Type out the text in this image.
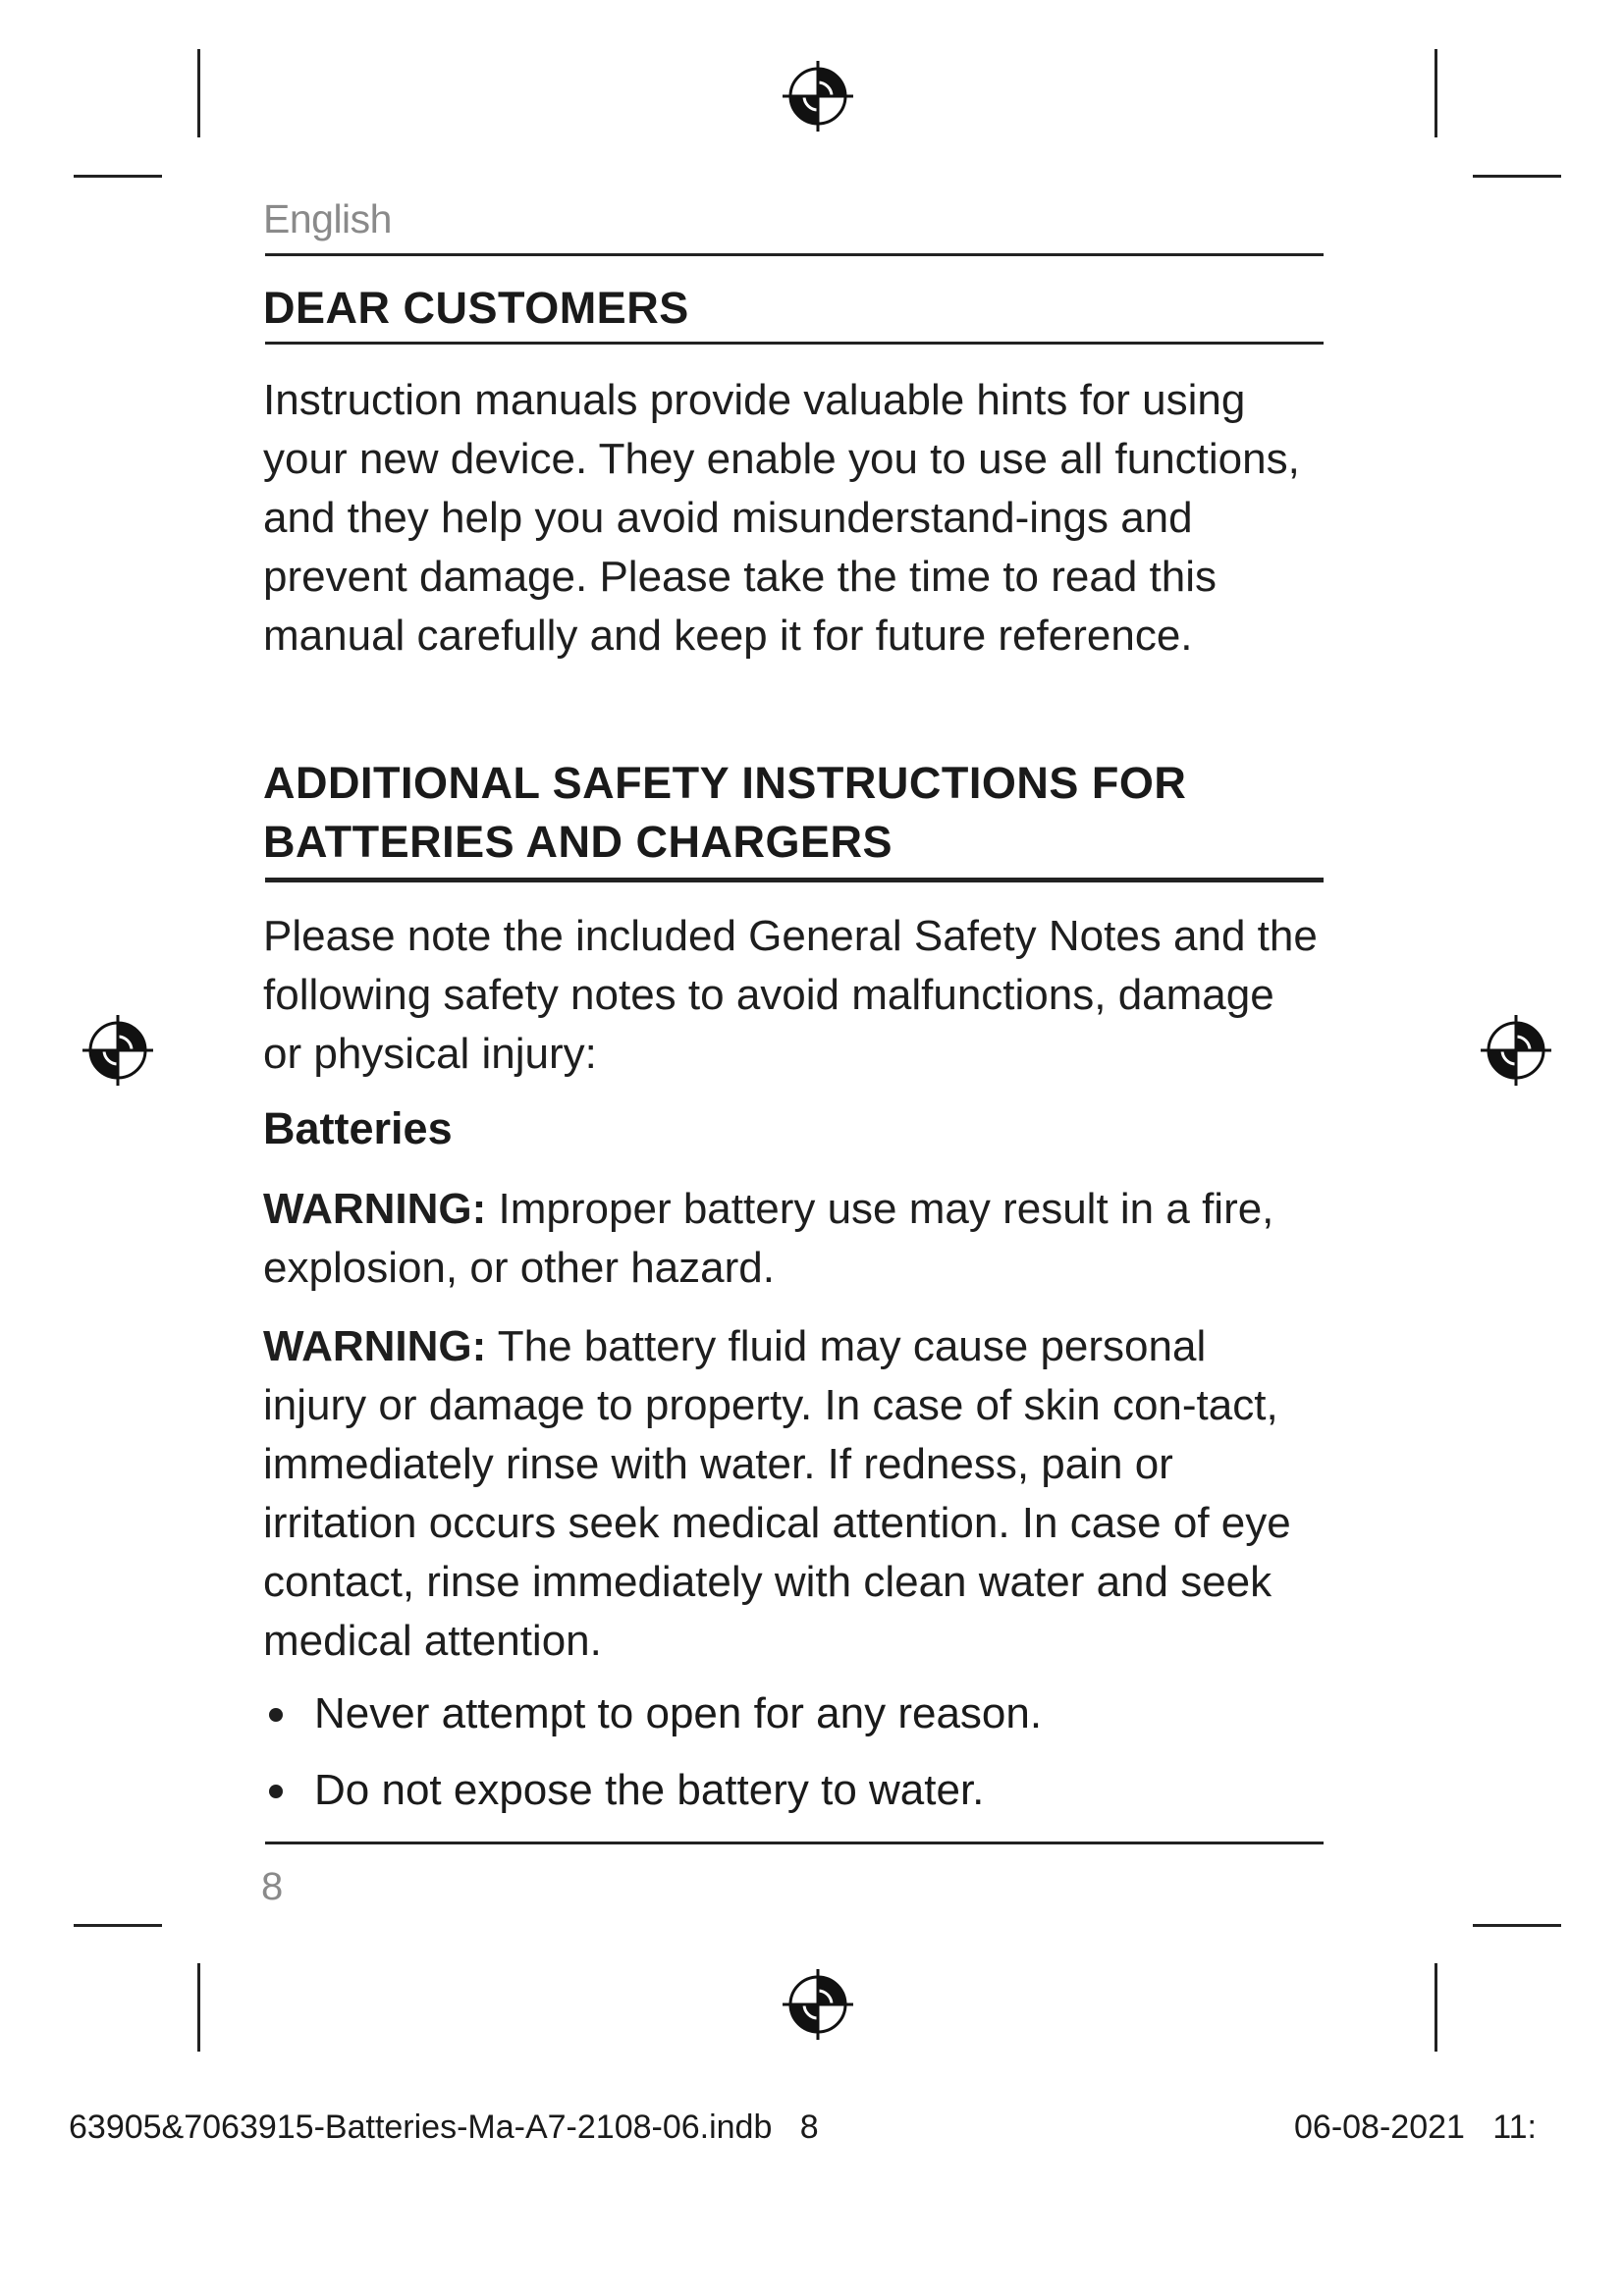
English
DEAR CUSTOMERS

Instruction manuals provide valuable hints for using your new device. They enable you to use all functions, and they help you avoid misunderstand-ings and prevent damage. Please take the time to read this manual carefully and keep it for future reference.

ADDITIONAL SAFETY INSTRUCTIONS FOR
BATTERIES AND CHARGERS

Please note the included General Safety Notes and the following safety notes to avoid malfunctions, damage or physical injury:

Batteries

WARNING: Improper battery use may result in a fire, explosion, or other hazard.

WARNING: The battery fluid may cause personal injury or damage to property. In case of skin con-tact, immediately rinse with water. If redness, pain or irritation occurs seek medical attention. In case of eye contact, rinse immediately with clean water and seek medical attention.

Never attempt to open for any reason.
Do not expose the battery to water.
8
63905&7063915-Batteries-Ma-A7-2108-06.indb   8	06-08-2021   11:
